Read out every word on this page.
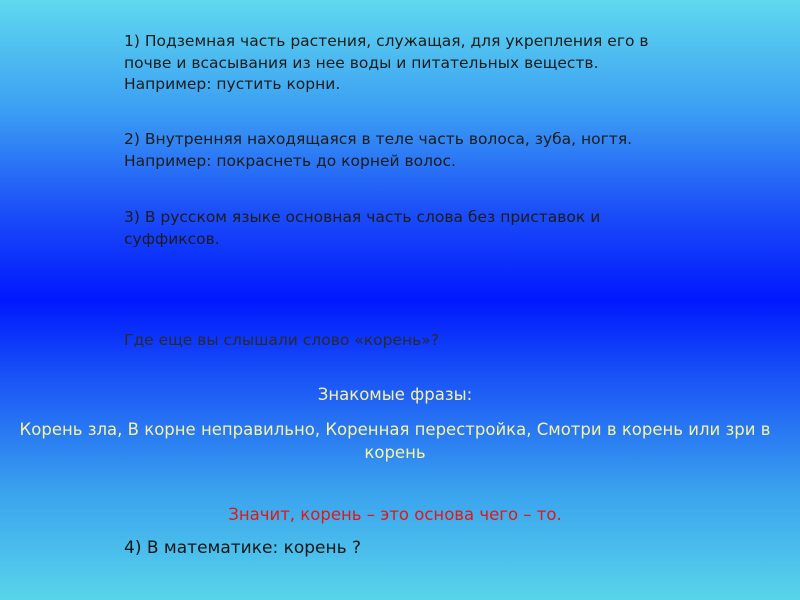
1) Подземная часть растения, служащая, для укрепления его в почве и всасывания из нее воды и питательных веществ. Например: пустить корни.

2) Внутренняя находящаяся в теле часть волоса, зуба, ногтя. Например: покраснеть до корней волос.

3) В русском языке основная часть слова без приставок и суффиксов.

Где еще вы слышали слово «корень»?

Знакомые фразы:

Корень зла, В корне неправильно, Коренная перестройка, Смотри в корень или зри в корень

Значит, корень – это основа чего – то.

4) В математике: корень ?
